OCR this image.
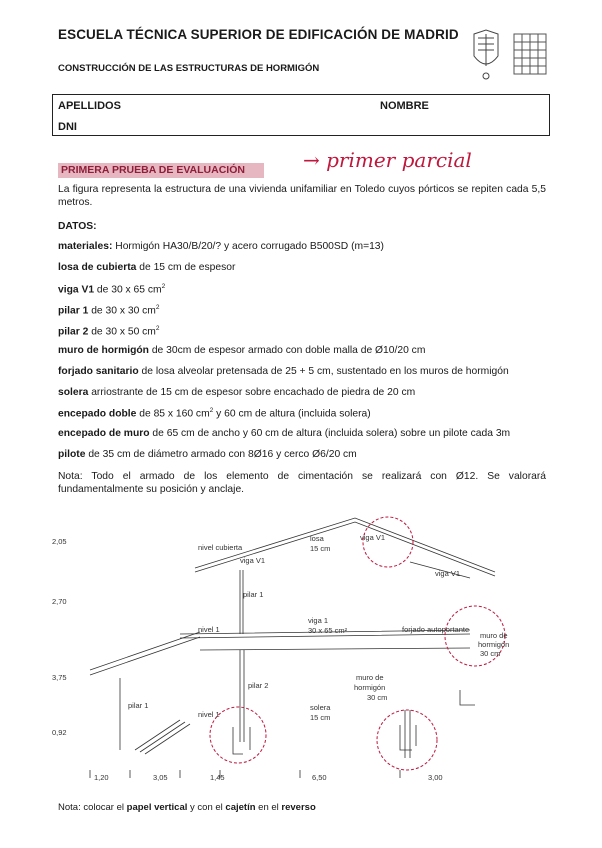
ESCUELA TÉCNICA SUPERIOR DE EDIFICACIÓN DE MADRID
CONSTRUCCIÓN DE LAS ESTRUCTURAS DE HORMIGÓN
APELLIDOS	NOMBRE
DNI
PRIMERA PRUEBA DE EVALUACIÓN	→ primer parcial
La figura representa la estructura de una vivienda unifamiliar en Toledo cuyos pórticos se repiten cada 5,5 metros.
DATOS:
materiales: Hormigón HA30/B/20/? y acero corrugado B500SD (m=13)
losa de cubierta de 15 cm de espesor
viga V1 de 30 x 65 $cm^2$
pilar 1 de 30 x 30 $cm^2$
pilar 2 de 30 x 50 $cm^2$
muro de hormigón de 30cm de espesor armado con doble malla de Ø10/20 cm
forjado sanitario de losa alveolar pretensada de 25 + 5 cm, sustentado en los muros de hormigón
solera arriostrante de 15 cm de espesor sobre encachado de piedra de 20 cm
encepado doble de 85 x 160 $cm^2$ y 60 cm de altura (incluida solera)
encepado de muro de 65 cm de ancho y 60 cm de altura (incluida solera) sobre un pilote cada 3m
pilote de 35 cm de diámetro armado con 8Ø16 y cerco Ø6/20 cm
Nota: Todo el armado de los elemento de cimentación se realizará con Ø12. Se valorará fundamentalmente su posición y anclaje.
2,05
2,70
3,75
0,92
1,20	3,05	1,45	6,50	3,00
nivel cubierta
losa
15 cm
viga V1
viga V1
viga V1
pilar 1
nivel 1
viga 1
30 x 65 cm²	forjado autoportante
muro de
hormigón
30 cm
pilar 2
pilar 1
nivel 1
solera
15 cm
muro de
hormigón
30 cm
Nota: colocar el papel vertical y con el cajetín en el reverso
